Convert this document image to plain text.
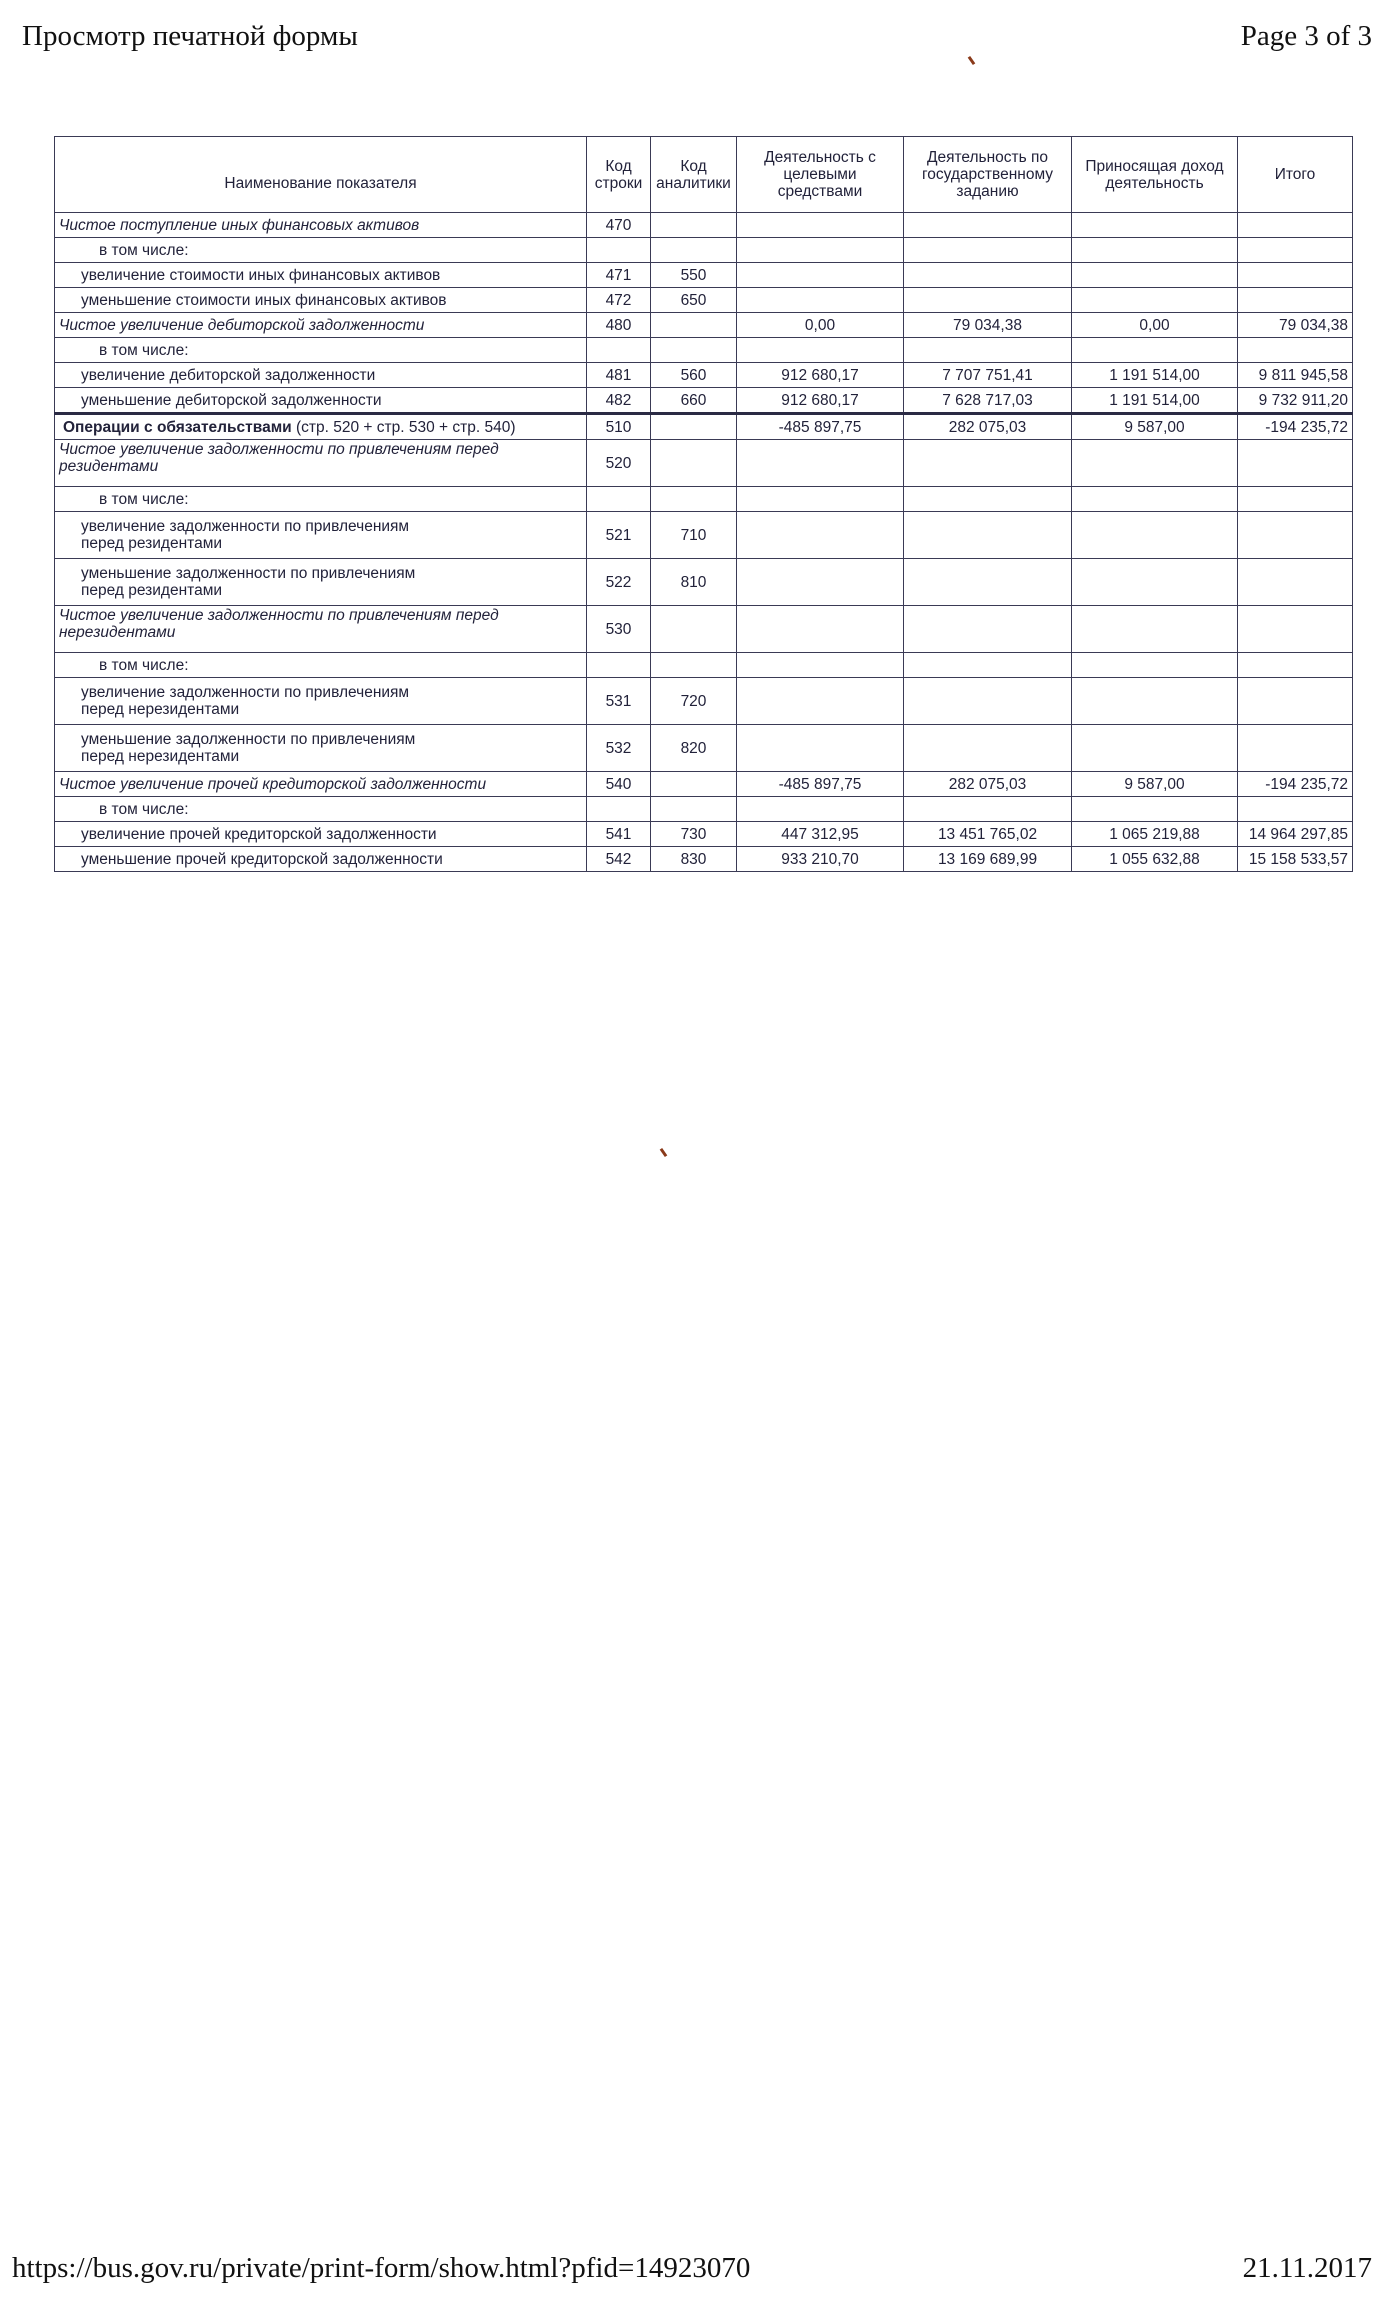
Просмотр печатной формы	Page 3 of 3
Наименование показателя	Код строки	Код аналитики	Деятельность с целевыми средствами	Деятельность по государственному заданию	Приносящая доход деятельность	Итого
Чистое поступление иных финансовых активов	470					
в том числе:						
увеличение стоимости иных финансовых активов	471	550				
уменьшение стоимости иных финансовых активов	472	650				
Чистое увеличение дебиторской задолженности	480		0,00	79 034,38	0,00	79 034,38
в том числе:						
увеличение дебиторской задолженности	481	560	912 680,17	7 707 751,41	1 191 514,00	9 811 945,58
уменьшение дебиторской задолженности	482	660	912 680,17	7 628 717,03	1 191 514,00	9 732 911,20
Операции с обязательствами (стр. 520 + стр. 530 + стр. 540)	510		-485 897,75	282 075,03	9 587,00	-194 235,72
Чистое увеличение задолженности по привлечениям перед резидентами	520					
в том числе:						
увеличение задолженности по привлечениям перед резидентами	521	710				
уменьшение задолженности по привлечениям перед резидентами	522	810				
Чистое увеличение задолженности по привлечениям перед нерезидентами	530					
в том числе:						
увеличение задолженности по привлечениям перед нерезидентами	531	720				
уменьшение задолженности по привлечениям перед нерезидентами	532	820				
Чистое увеличение прочей кредиторской задолженности	540		-485 897,75	282 075,03	9 587,00	-194 235,72
в том числе:						
увеличение прочей кредиторской задолженности	541	730	447 312,95	13 451 765,02	1 065 219,88	14 964 297,85
уменьшение прочей кредиторской задолженности	542	830	933 210,70	13 169 689,99	1 055 632,88	15 158 533,57
https://bus.gov.ru/private/print-form/show.html?pfid=14923070	21.11.2017
